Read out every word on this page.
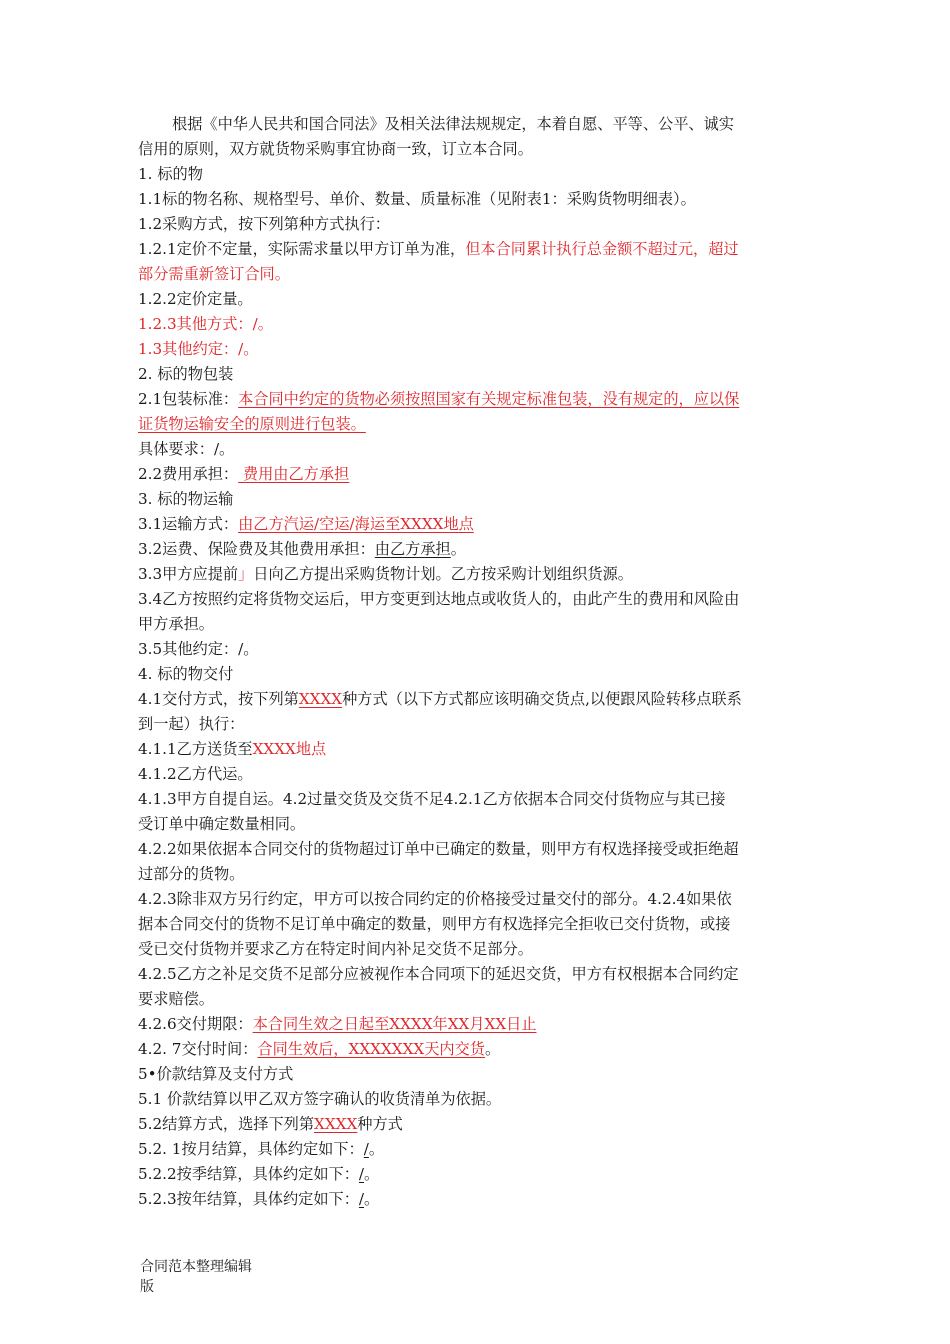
根据《中华人民共和国合同法》及相关法律法规规定，本着自愿、平等、公平、诚实

信用的原则，双方就货物采购事宜协商一致，订立本合同。

1. 标的物

1.1标的物名称、规格型号、单价、数量、质量标准（见附表1：采购货物明细表）。

1.2采购方式，按下列第种方式执行：

1.2.1定价不定量，实际需求量以甲方订单为准，但本合同累计执行总金额不超过元，超过

部分需重新签订合同。

1.2.2定价定量。

1.2.3其他方式：/。

1.3其他约定：/。

2. 标的物包装

2.1包装标准：本合同中约定的货物必须按照国家有关规定标准包装，没有规定的，应以保

证货物运输安全的原则进行包装。

具体要求：/。

2.2费用承担： 费用由乙方承担

3. 标的物运输

3.1运输方式：由乙方汽运/空运/海运至XXXX地点

3.2运费、保险费及其他费用承担：由乙方承担。

3.3甲方应提前」日向乙方提出采购货物计划。乙方按采购计划组织货源。

3.4乙方按照约定将货物交运后，甲方变更到达地点或收货人的，由此产生的费用和风险由

甲方承担。

3.5其他约定：/。

4. 标的物交付

4.1交付方式，按下列第XXXX种方式（以下方式都应该明确交货点,以便跟风险转移点联系

到一起）执行：

4.1.1乙方送货至XXXX地点

4.1.2乙方代运。

4.1.3甲方自提自运。4.2过量交货及交货不足4.2.1乙方依据本合同交付货物应与其已接

受订单中确定数量相同。

4.2.2如果依据本合同交付的货物超过订单中已确定的数量，则甲方有权选择接受或拒绝超

过部分的货物。

4.2.3除非双方另行约定，甲方可以按合同约定的价格接受过量交付的部分。4.2.4如果依

据本合同交付的货物不足订单中确定的数量，则甲方有权选择完全拒收已交付货物，或接

受已交付货物并要求乙方在特定时间内补足交货不足部分。

4.2.5乙方之补足交货不足部分应被视作本合同项下的延迟交货，甲方有权根据本合同约定

要求赔偿。

4.2.6交付期限：本合同生效之日起至XXXX年XX月XX日止

4.2. 7交付时间：合同生效后，XXXXXXX天内交货。

5•价款结算及支付方式

5.1 价款结算以甲乙双方签字确认的收货清单为依据。

5.2结算方式，选择下列第XXXX种方式

5.2. 1按月结算，具体约定如下：/。

5.2.2按季结算，具体约定如下：/。

5.2.3按年结算，具体约定如下：/。

合同范本整理编辑
版
